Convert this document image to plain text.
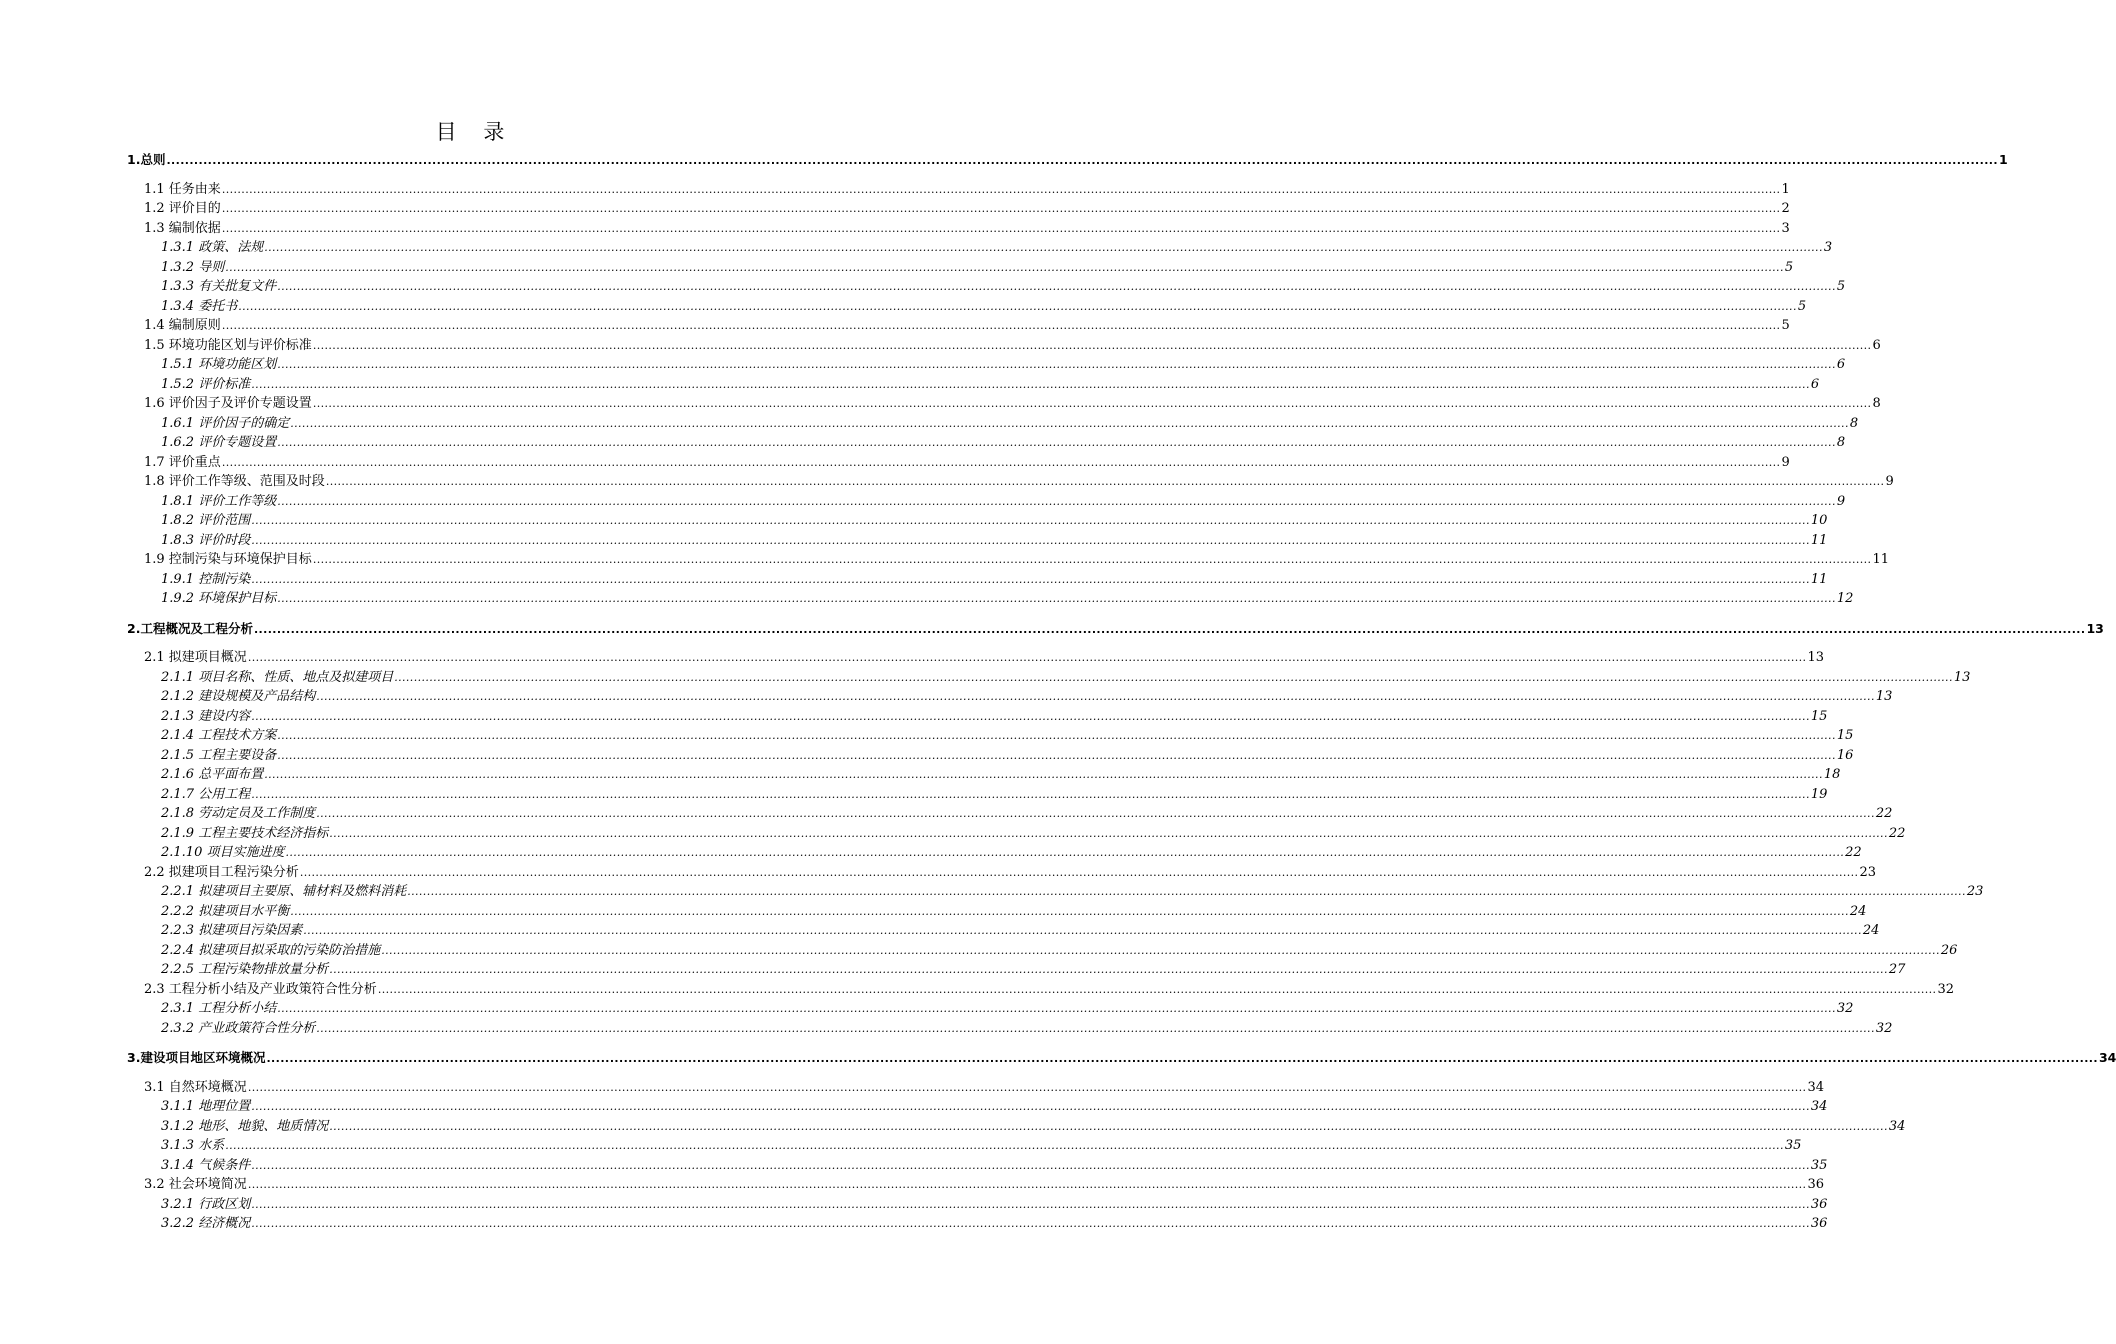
目 录
1.总则 ................................................................................................................................................................................................................................................................................................................................................................................................................ 1
1.1 任务由来 ................................................................................................................................................................................................................................................................................................................................................................................................................ 1
1.2 评价目的 ................................................................................................................................................................................................................................................................................................................................................................................................................ 2
1.3 编制依据 ................................................................................................................................................................................................................................................................................................................................................................................................................ 3
1.3.1 政策、法规 ................................................................................................................................................................................................................................................................................................................................................................................................................ 3
1.3.2 导则 ................................................................................................................................................................................................................................................................................................................................................................................................................ 5
1.3.3 有关批复文件 ................................................................................................................................................................................................................................................................................................................................................................................................................ 5
1.3.4 委托书 ................................................................................................................................................................................................................................................................................................................................................................................................................ 5
1.4 编制原则 ................................................................................................................................................................................................................................................................................................................................................................................................................ 5
1.5 环境功能区划与评价标准 ................................................................................................................................................................................................................................................................................................................................................................................................................ 6
1.5.1 环境功能区划 ................................................................................................................................................................................................................................................................................................................................................................................................................ 6
1.5.2 评价标准 ................................................................................................................................................................................................................................................................................................................................................................................................................ 6
1.6 评价因子及评价专题设置 ................................................................................................................................................................................................................................................................................................................................................................................................................ 8
1.6.1 评价因子的确定 ................................................................................................................................................................................................................................................................................................................................................................................................................ 8
1.6.2 评价专题设置 ................................................................................................................................................................................................................................................................................................................................................................................................................ 8
1.7 评价重点 ................................................................................................................................................................................................................................................................................................................................................................................................................ 9
1.8 评价工作等级、范围及时段 ................................................................................................................................................................................................................................................................................................................................................................................................................ 9
1.8.1 评价工作等级 ................................................................................................................................................................................................................................................................................................................................................................................................................ 9
1.8.2 评价范围 ................................................................................................................................................................................................................................................................................................................................................................................................................ 10
1.8.3 评价时段 ................................................................................................................................................................................................................................................................................................................................................................................................................ 11
1.9 控制污染与环境保护目标 ................................................................................................................................................................................................................................................................................................................................................................................................................ 11
1.9.1 控制污染 ................................................................................................................................................................................................................................................................................................................................................................................................................ 11
1.9.2 环境保护目标 ................................................................................................................................................................................................................................................................................................................................................................................................................ 12
2.工程概况及工程分析 ................................................................................................................................................................................................................................................................................................................................................................................................................ 13
2.1 拟建项目概况 ................................................................................................................................................................................................................................................................................................................................................................................................................ 13
2.1.1 项目名称、性质、地点及拟建项目 ................................................................................................................................................................................................................................................................................................................................................................................................................ 13
2.1.2 建设规模及产品结构 ................................................................................................................................................................................................................................................................................................................................................................................................................ 13
2.1.3 建设内容 ................................................................................................................................................................................................................................................................................................................................................................................................................ 15
2.1.4 工程技术方案 ................................................................................................................................................................................................................................................................................................................................................................................................................ 15
2.1.5 工程主要设备 ................................................................................................................................................................................................................................................................................................................................................................................................................ 16
2.1.6 总平面布置 ................................................................................................................................................................................................................................................................................................................................................................................................................ 18
2.1.7 公用工程 ................................................................................................................................................................................................................................................................................................................................................................................................................ 19
2.1.8 劳动定员及工作制度 ................................................................................................................................................................................................................................................................................................................................................................................................................ 22
2.1.9 工程主要技术经济指标 ................................................................................................................................................................................................................................................................................................................................................................................................................ 22
2.1.10 项目实施进度 ................................................................................................................................................................................................................................................................................................................................................................................................................ 22
2.2 拟建项目工程污染分析 ................................................................................................................................................................................................................................................................................................................................................................................................................ 23
2.2.1 拟建项目主要原、辅材料及燃料消耗 ................................................................................................................................................................................................................................................................................................................................................................................................................ 23
2.2.2 拟建项目水平衡 ................................................................................................................................................................................................................................................................................................................................................................................................................ 24
2.2.3 拟建项目污染因素 ................................................................................................................................................................................................................................................................................................................................................................................................................ 24
2.2.4 拟建项目拟采取的污染防治措施 ................................................................................................................................................................................................................................................................................................................................................................................................................ 26
2.2.5 工程污染物排放量分析 ................................................................................................................................................................................................................................................................................................................................................................................................................ 27
2.3 工程分析小结及产业政策符合性分析 ................................................................................................................................................................................................................................................................................................................................................................................................................ 32
2.3.1 工程分析小结 ................................................................................................................................................................................................................................................................................................................................................................................................................ 32
2.3.2 产业政策符合性分析 ................................................................................................................................................................................................................................................................................................................................................................................................................ 32
3.建设项目地区环境概况 ................................................................................................................................................................................................................................................................................................................................................................................................................ 34
3.1 自然环境概况 ................................................................................................................................................................................................................................................................................................................................................................................................................ 34
3.1.1 地理位置 ................................................................................................................................................................................................................................................................................................................................................................................................................ 34
3.1.2 地形、地貌、地质情况 ................................................................................................................................................................................................................................................................................................................................................................................................................ 34
3.1.3 水系 ................................................................................................................................................................................................................................................................................................................................................................................................................ 35
3.1.4 气候条件 ................................................................................................................................................................................................................................................................................................................................................................................................................ 35
3.2 社会环境简况 ................................................................................................................................................................................................................................................................................................................................................................................................................ 36
3.2.1 行政区划 ................................................................................................................................................................................................................................................................................................................................................................................................................ 36
3.2.2 经济概况 ................................................................................................................................................................................................................................................................................................................................................................................................................ 36
